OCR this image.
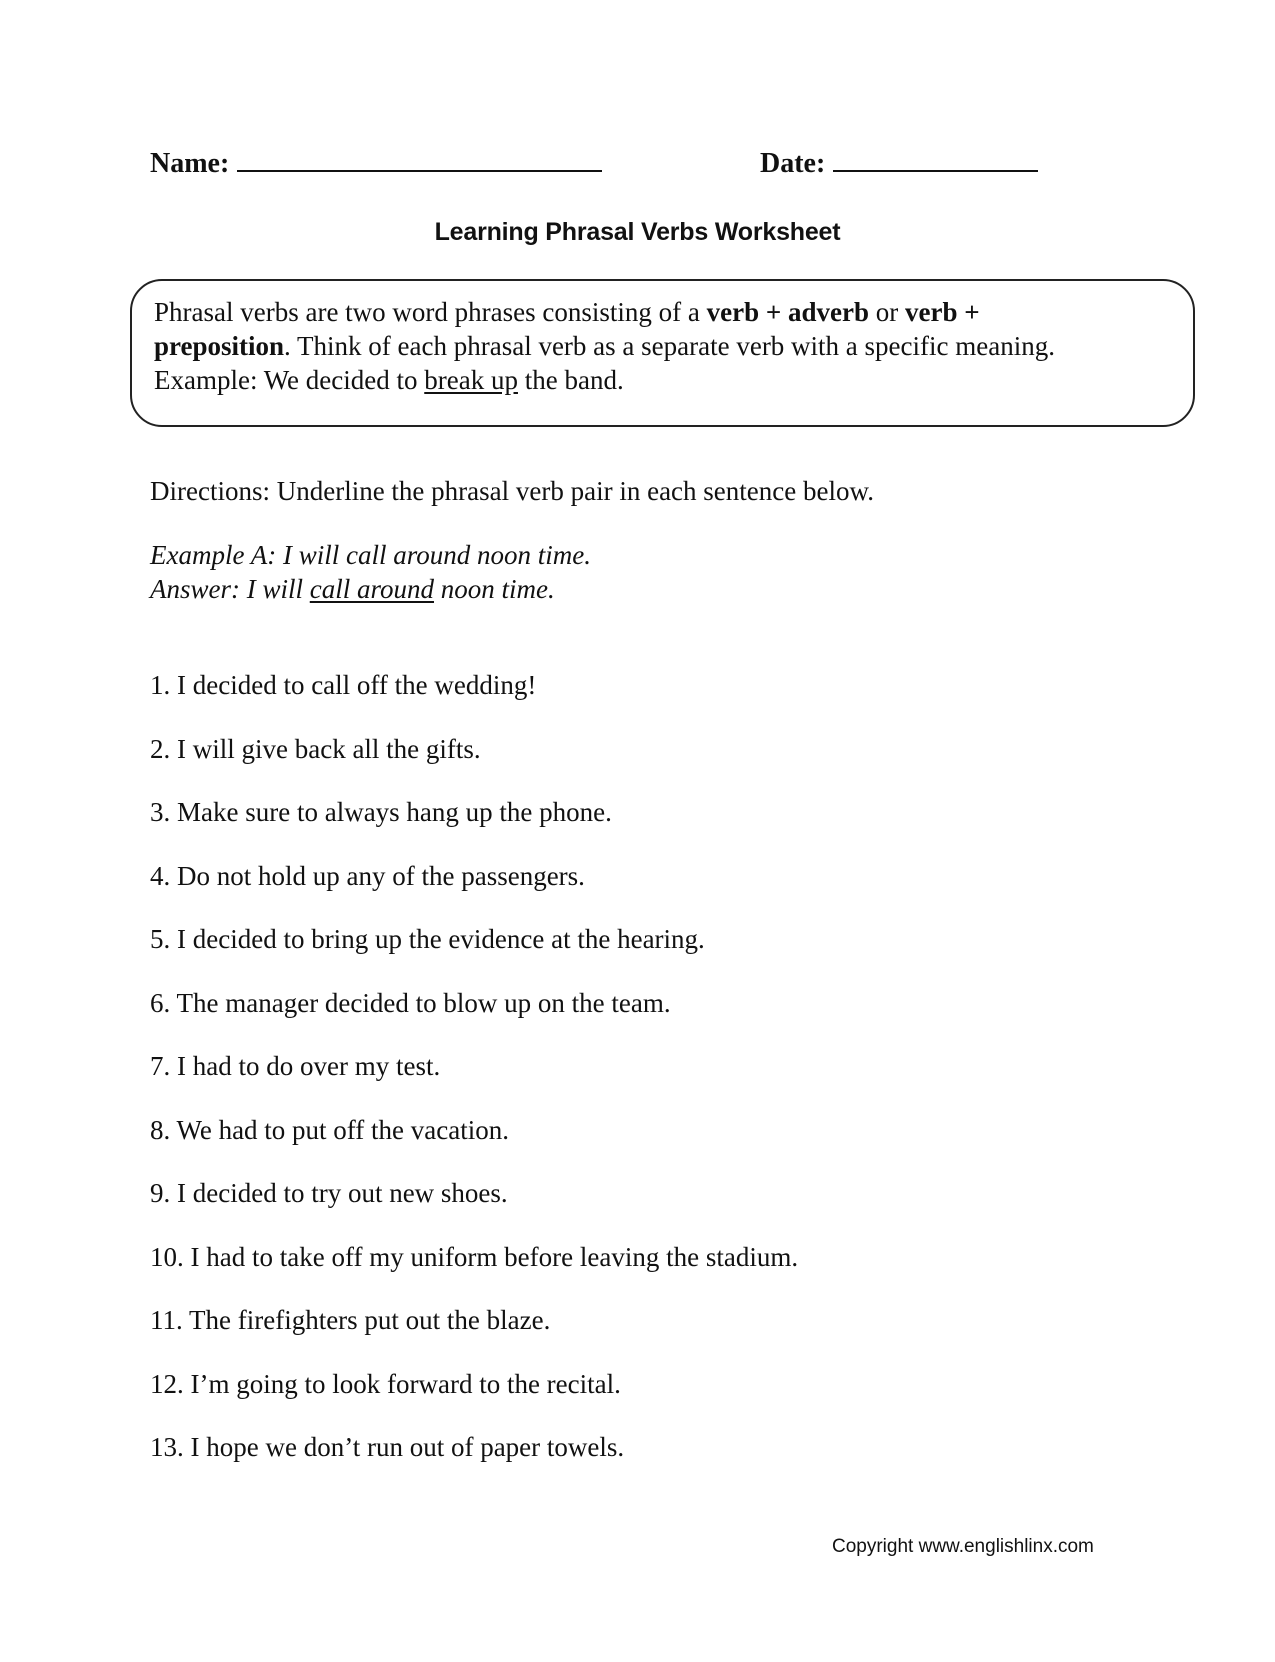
Name:	Date:
Learning Phrasal Verbs Worksheet
Phrasal verbs are two word phrases consisting of a verb + adverb or verb +
preposition. Think of each phrasal verb as a separate verb with a specific meaning.
Example: We decided to break up the band.
Directions: Underline the phrasal verb pair in each sentence below.
Example A: I will call around noon time.
Answer: I will call around noon time.
1. I decided to call off the wedding!
2. I will give back all the gifts.
3. Make sure to always hang up the phone.
4. Do not hold up any of the passengers.
5. I decided to bring up the evidence at the hearing.
6. The manager decided to blow up on the team.
7. I had to do over my test.
8. We had to put off the vacation.
9. I decided to try out new shoes.
10. I had to take off my uniform before leaving the stadium.
11. The firefighters put out the blaze.
12. I’m going to look forward to the recital.
13. I hope we don’t run out of paper towels.
Copyright www.englishlinx.com
